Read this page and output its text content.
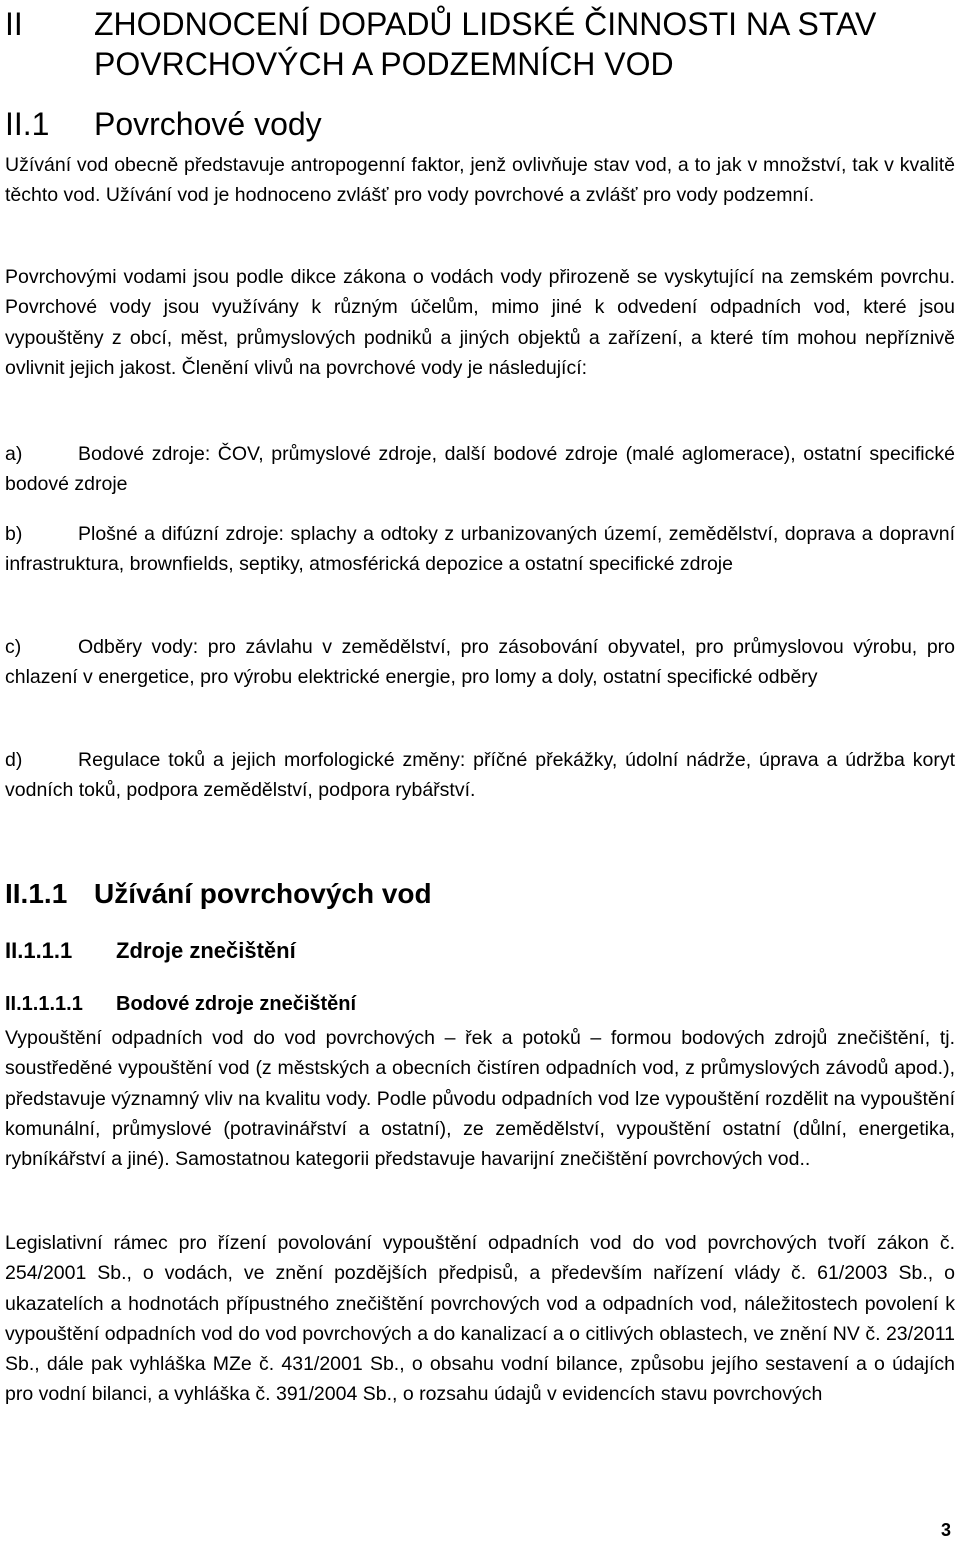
II ZHODNOCENÍ DOPADŮ LIDSKÉ ČINNOSTI NA STAV POVRCHOVÝCH A PODZEMNÍCH VOD
II.1 Povrchové vody

Užívání vod obecně představuje antropogenní faktor, jenž ovlivňuje stav vod, a to jak v množství, tak v kvalitě těchto vod. Užívání vod je hodnoceno zvlášť pro vody povrchové a zvlášť pro vody podzemní.

Povrchovými vodami jsou podle dikce zákona o vodách vody přirozeně se vyskytující na zemském povrchu. Povrchové vody jsou využívány k různým účelům, mimo jiné k odvedení odpadních vod, které jsou vypouštěny z obcí, měst, průmyslových podniků a jiných objektů a zařízení, a které tím mohou nepříznivě ovlivnit jejich jakost. Členění vlivů na povrchové vody je následující:

a)	Bodové zdroje: ČOV, průmyslové zdroje, další bodové zdroje (malé aglomerace), ostatní specifické bodové zdroje
b)	Plošné a difúzní zdroje: splachy a odtoky z urbanizovaných území, zemědělství, doprava a dopravní infrastruktura, brownfields, septiky, atmosférická depozice a ostatní specifické zdroje
c)	Odběry vody: pro závlahu v zemědělství, pro zásobování obyvatel, pro průmyslovou výrobu, pro chlazení v energetice, pro výrobu elektrické energie, pro lomy a doly, ostatní specifické odběry
d)	Regulace toků a jejich morfologické změny: příčné překážky, údolní nádrže, úprava a údržba koryt vodních toků, podpora zemědělství, podpora rybářství.
II.1.1 Užívání povrchových vod
II.1.1.1 Zdroje znečištění
II.1.1.1.1 Bodové zdroje znečištění

Vypouštění odpadních vod do vod povrchových – řek a potoků – formou bodových zdrojů znečištění, tj. soustředěné vypouštění vod (z městských a obecních čistíren odpadních vod, z průmyslových závodů apod.), představuje významný vliv na kvalitu vody. Podle původu odpadních vod lze vypouštění rozdělit na vypouštění komunální, průmyslové (potravinářství a ostatní), ze zemědělství, vypouštění ostatní (důlní, energetika, rybníkářství a jiné). Samostatnou kategorii představuje havarijní znečištění povrchových vod..

Legislativní rámec pro řízení povolování vypouštění odpadních vod do vod povrchových tvoří zákon č. 254/2001 Sb., o vodách, ve znění pozdějších předpisů, a především nařízení vlády č. 61/2003 Sb., o ukazatelích a hodnotách přípustného znečištění povrchových vod a odpadních vod, náležitostech povolení k vypouštění odpadních vod do vod povrchových a do kanalizací a o citlivých oblastech, ve znění NV č. 23/2011 Sb., dále pak vyhláška MZe č. 431/2001 Sb., o obsahu vodní bilance, způsobu jejího sestavení a o údajích pro vodní bilanci, a vyhláška č. 391/2004 Sb., o rozsahu údajů v evidencích stavu povrchových

3
